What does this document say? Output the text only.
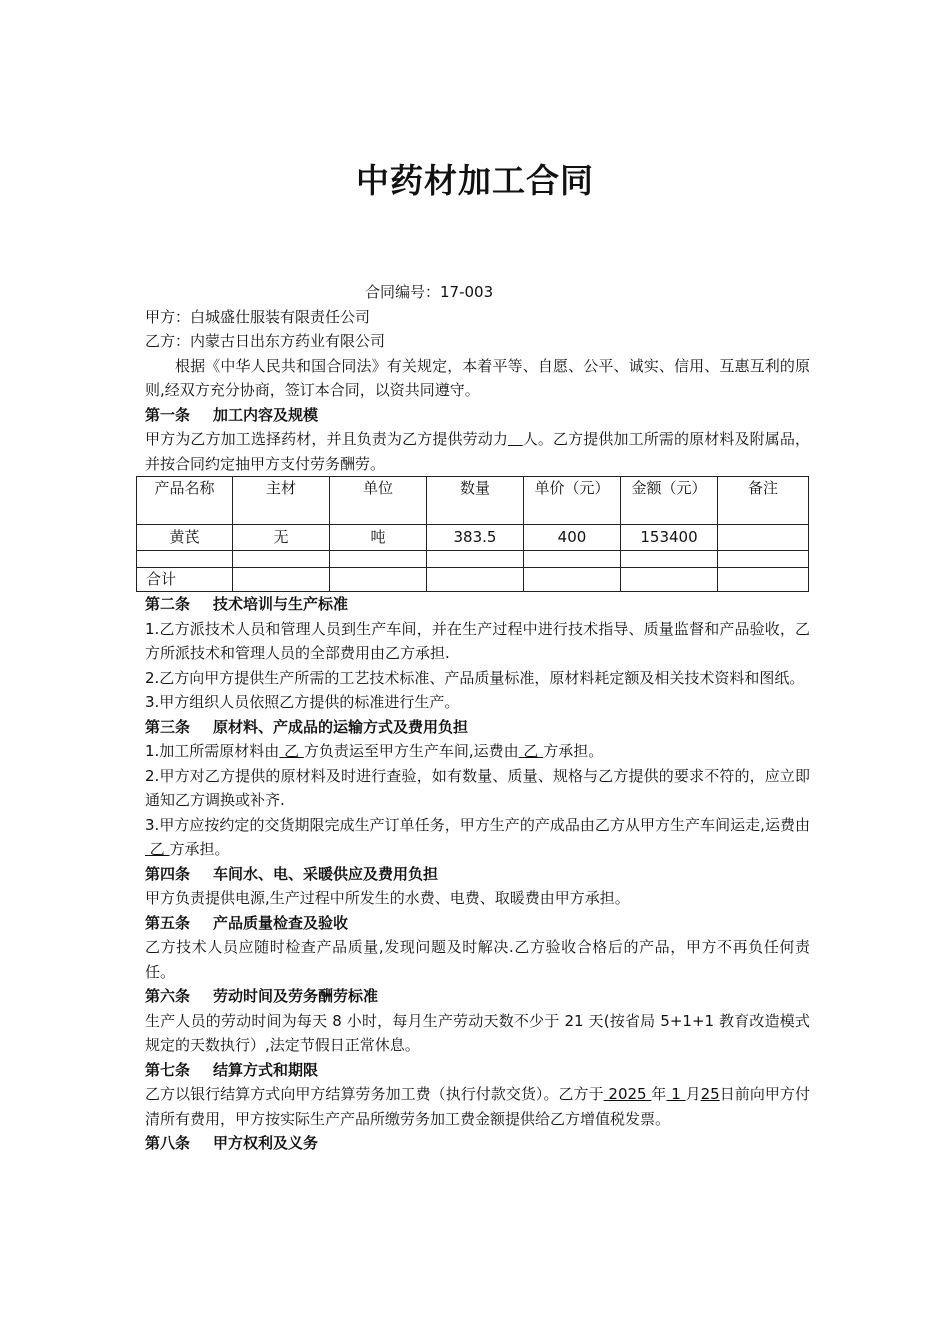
中药材加工合同

合同编号：17-003

甲方：白城盛仕服装有限责任公司

乙方：内蒙古日出东方药业有限公司

根据《中华人民共和国合同法》有关规定，本着平等、自愿、公平、诚实、信用、互惠互利的原则,经双方充分协商，签订本合同，以资共同遵守。

第一条 加工内容及规模

甲方为乙方加工选择药材，并且负责为乙方提供劳动力 人。乙方提供加工所需的原材料及附属品，并按合同约定抽甲方支付劳务酬劳。

产品名称	主材	单位	数量	单价（元）	金额（元）	备注
黄芪	无	吨	383.5	400	153400	

合计						

第二条 技术培训与生产标准

1.乙方派技术人员和管理人员到生产车间，并在生产过程中进行技术指导、质量监督和产品验收，乙方所派技术和管理人员的全部费用由乙方承担.

2.乙方向甲方提供生产所需的工艺技术标准、产品质量标准，原材料耗定额及相关技术资料和图纸。

3.甲方组织人员依照乙方提供的标准进行生产。

第三条 原材料、产成品的运输方式及费用负担

1.加工所需原材料由 乙 方负责运至甲方生产车间,运费由 乙 方承担。

2.甲方对乙方提供的原材料及时进行查验，如有数量、质量、规格与乙方提供的要求不符的，应立即通知乙方调换或补齐.

3.甲方应按约定的交货期限完成生产订单任务，甲方生产的产成品由乙方从甲方生产车间运走,运费由 乙 方承担。

第四条 车间水、电、采暖供应及费用负担

甲方负责提供电源,生产过程中所发生的水费、电费、取暖费由甲方承担。

第五条 产品质量检查及验收

乙方技术人员应随时检查产品质量,发现问题及时解决.乙方验收合格后的产品，甲方不再负任何责任。

第六条 劳动时间及劳务酬劳标准

生产人员的劳动时间为每天 8 小时，每月生产劳动天数不少于 21 天(按省局 5+1+1 教育改造模式规定的天数执行）,法定节假日正常休息。

第七条 结算方式和期限

乙方以银行结算方式向甲方结算劳务加工费（执行付款交货）。乙方于 2025 年 1 月25日前向甲方付清所有费用，甲方按实际生产产品所缴劳务加工费金额提供给乙方增值税发票。

第八条 甲方权利及义务
